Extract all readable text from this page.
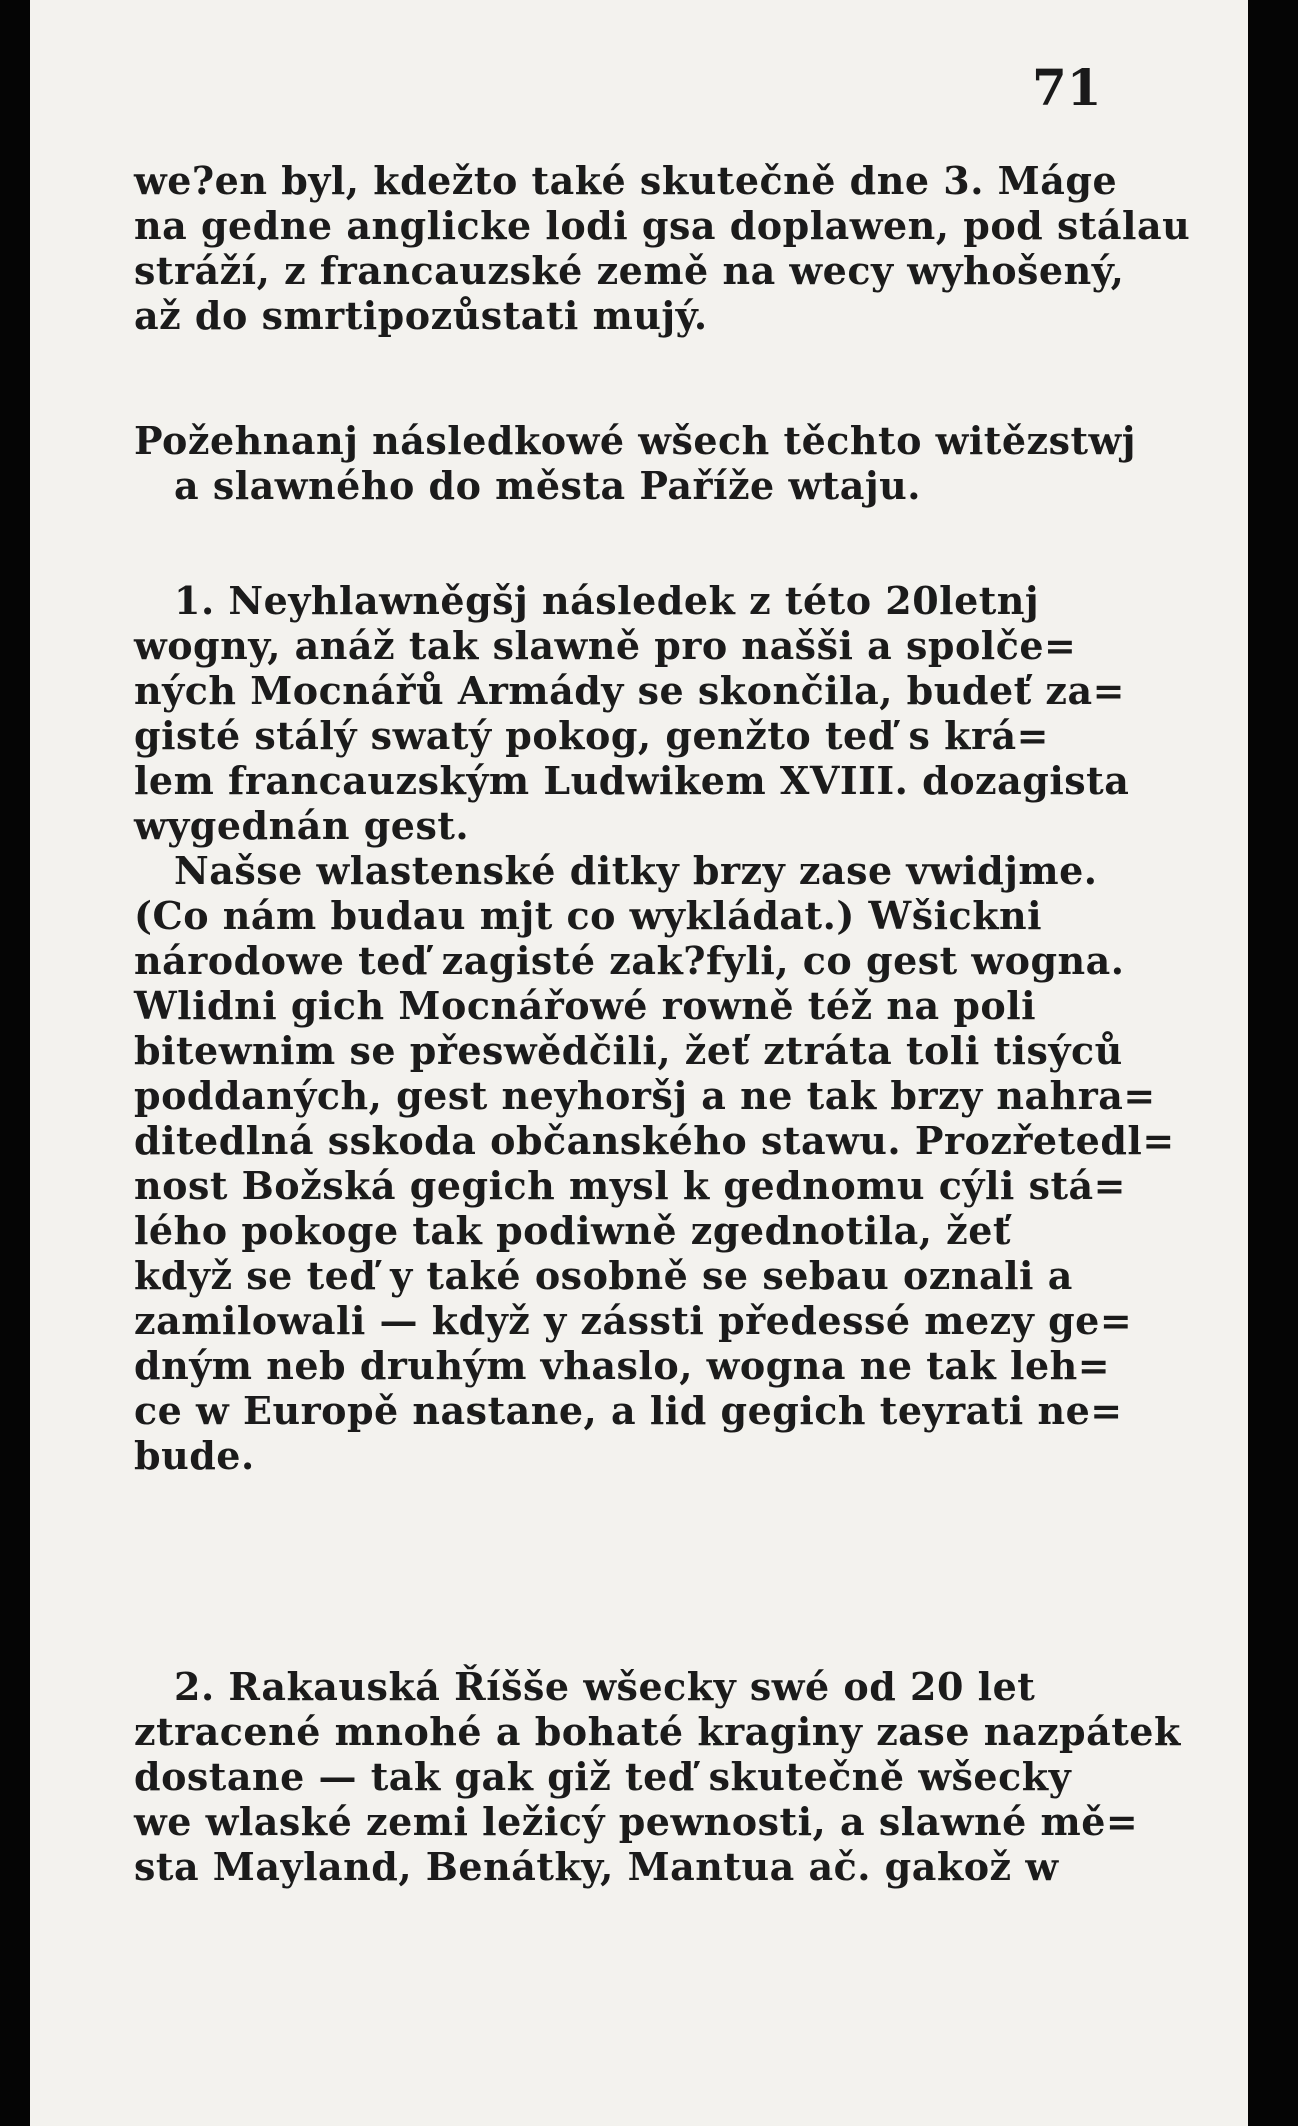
71

we?en byl, kdežto také skutečně dne 3. Máge
na gedne anglicke lodi gsa doplawen, pod stálau
stráží, z francauzské země na wecy wyhošený,
až do smrtipozůstati mujý.

Požehnanj následkowé wšech těchto witězstwj
a slawného do města Paříže wtaju.

1. Neyhlawněgšj následek z této 20letnj
wogny, anáž tak slawně pro našši a spolče=
ných Mocnářů Armády se skončila, budeť za=
gisté stálý swatý pokog, genžto teď s krá=
lem francauzským Ludwikem XVIII. dozagista
wygednán gest.
Našse wlastenské ditky brzy zase vwidjme.
(Co nám budau mjt co wykládat.) Wšickni
národowe teď zagisté zak?fyli, co gest wogna.
Wlidni gich Mocnářowé rowně též na poli
bitewnim se přeswědčili, žeť ztráta toli tisýců
poddaných, gest neyhoršj a ne tak brzy nahra=
ditedlná sskoda občanského stawu. Prozřetedl=
nost Božská gegich mysl k gednomu cýli stá=
lého pokoge tak podiwně zgednotila, žeť
když se teď y také osobně se sebau oznali a
zamilowali — když y zássti předessé mezy ge=
dným neb druhým vhaslo, wogna ne tak leh=
ce w Europě nastane, a lid gegich teyrati ne=
bude.

2. Rakauská Říšše wšecky swé od 20 let
ztracené mnohé a bohaté kraginy zase nazpátek
dostane — tak gak giž teď skutečně wšecky
we wlaské zemi ležicý pewnosti, a slawné mě=
sta Mayland, Benátky, Mantua ač. gakož w
